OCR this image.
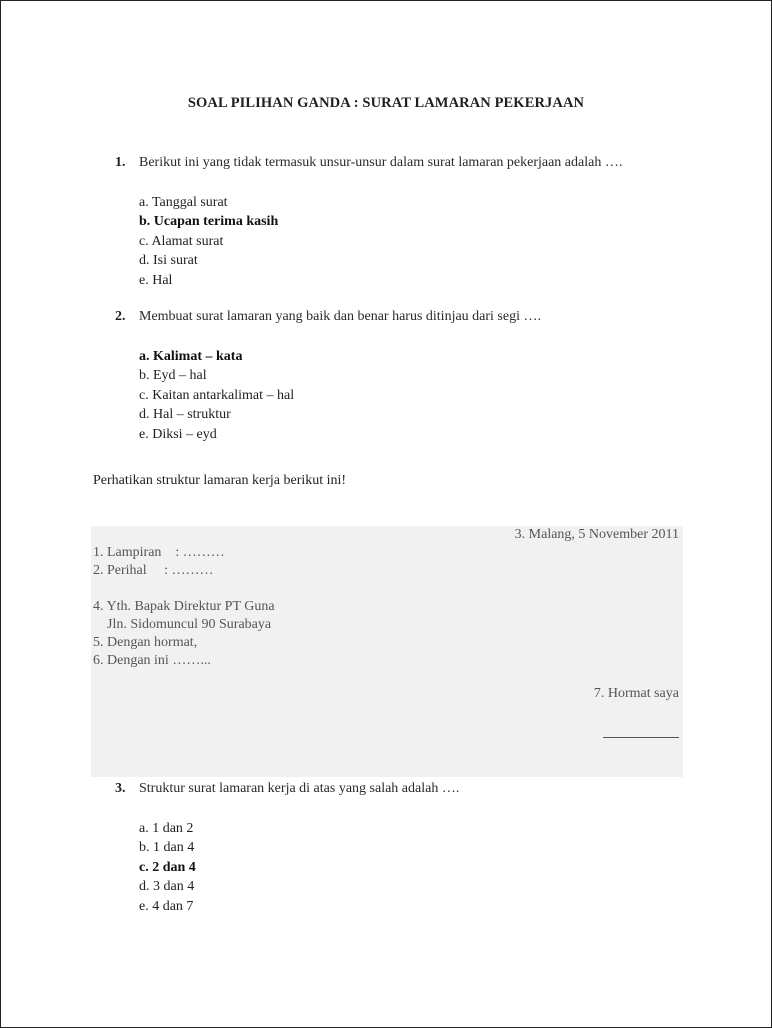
SOAL PILIHAN GANDA : SURAT LAMARAN PEKERJAAN
1. Berikut ini yang tidak termasuk unsur-unsur dalam surat lamaran pekerjaan adalah ….
a. Tanggal surat
b. Ucapan terima kasih
c. Alamat surat
d. Isi surat
e. Hal
2. Membuat surat lamaran yang baik dan benar harus ditinjau dari segi ….
a. Kalimat – kata
b. Eyd – hal
c. Kaitan antarkalimat – hal
d. Hal – struktur
e. Diksi – eyd
Perhatikan struktur lamaran kerja berikut ini!
3. Malang, 5 November 2011
1. Lampiran    : ………
2. Perihal     : ………
4. Yth. Bapak Direktur PT Guna
Jln. Sidomuncul 90 Surabaya
5. Dengan hormat,
6. Dengan ini ……...
7. Hormat saya
3. Struktur surat lamaran kerja di atas yang salah adalah ….
a. 1 dan 2
b. 1 dan 4
c. 2 dan 4
d. 3 dan 4
e. 4 dan 7
